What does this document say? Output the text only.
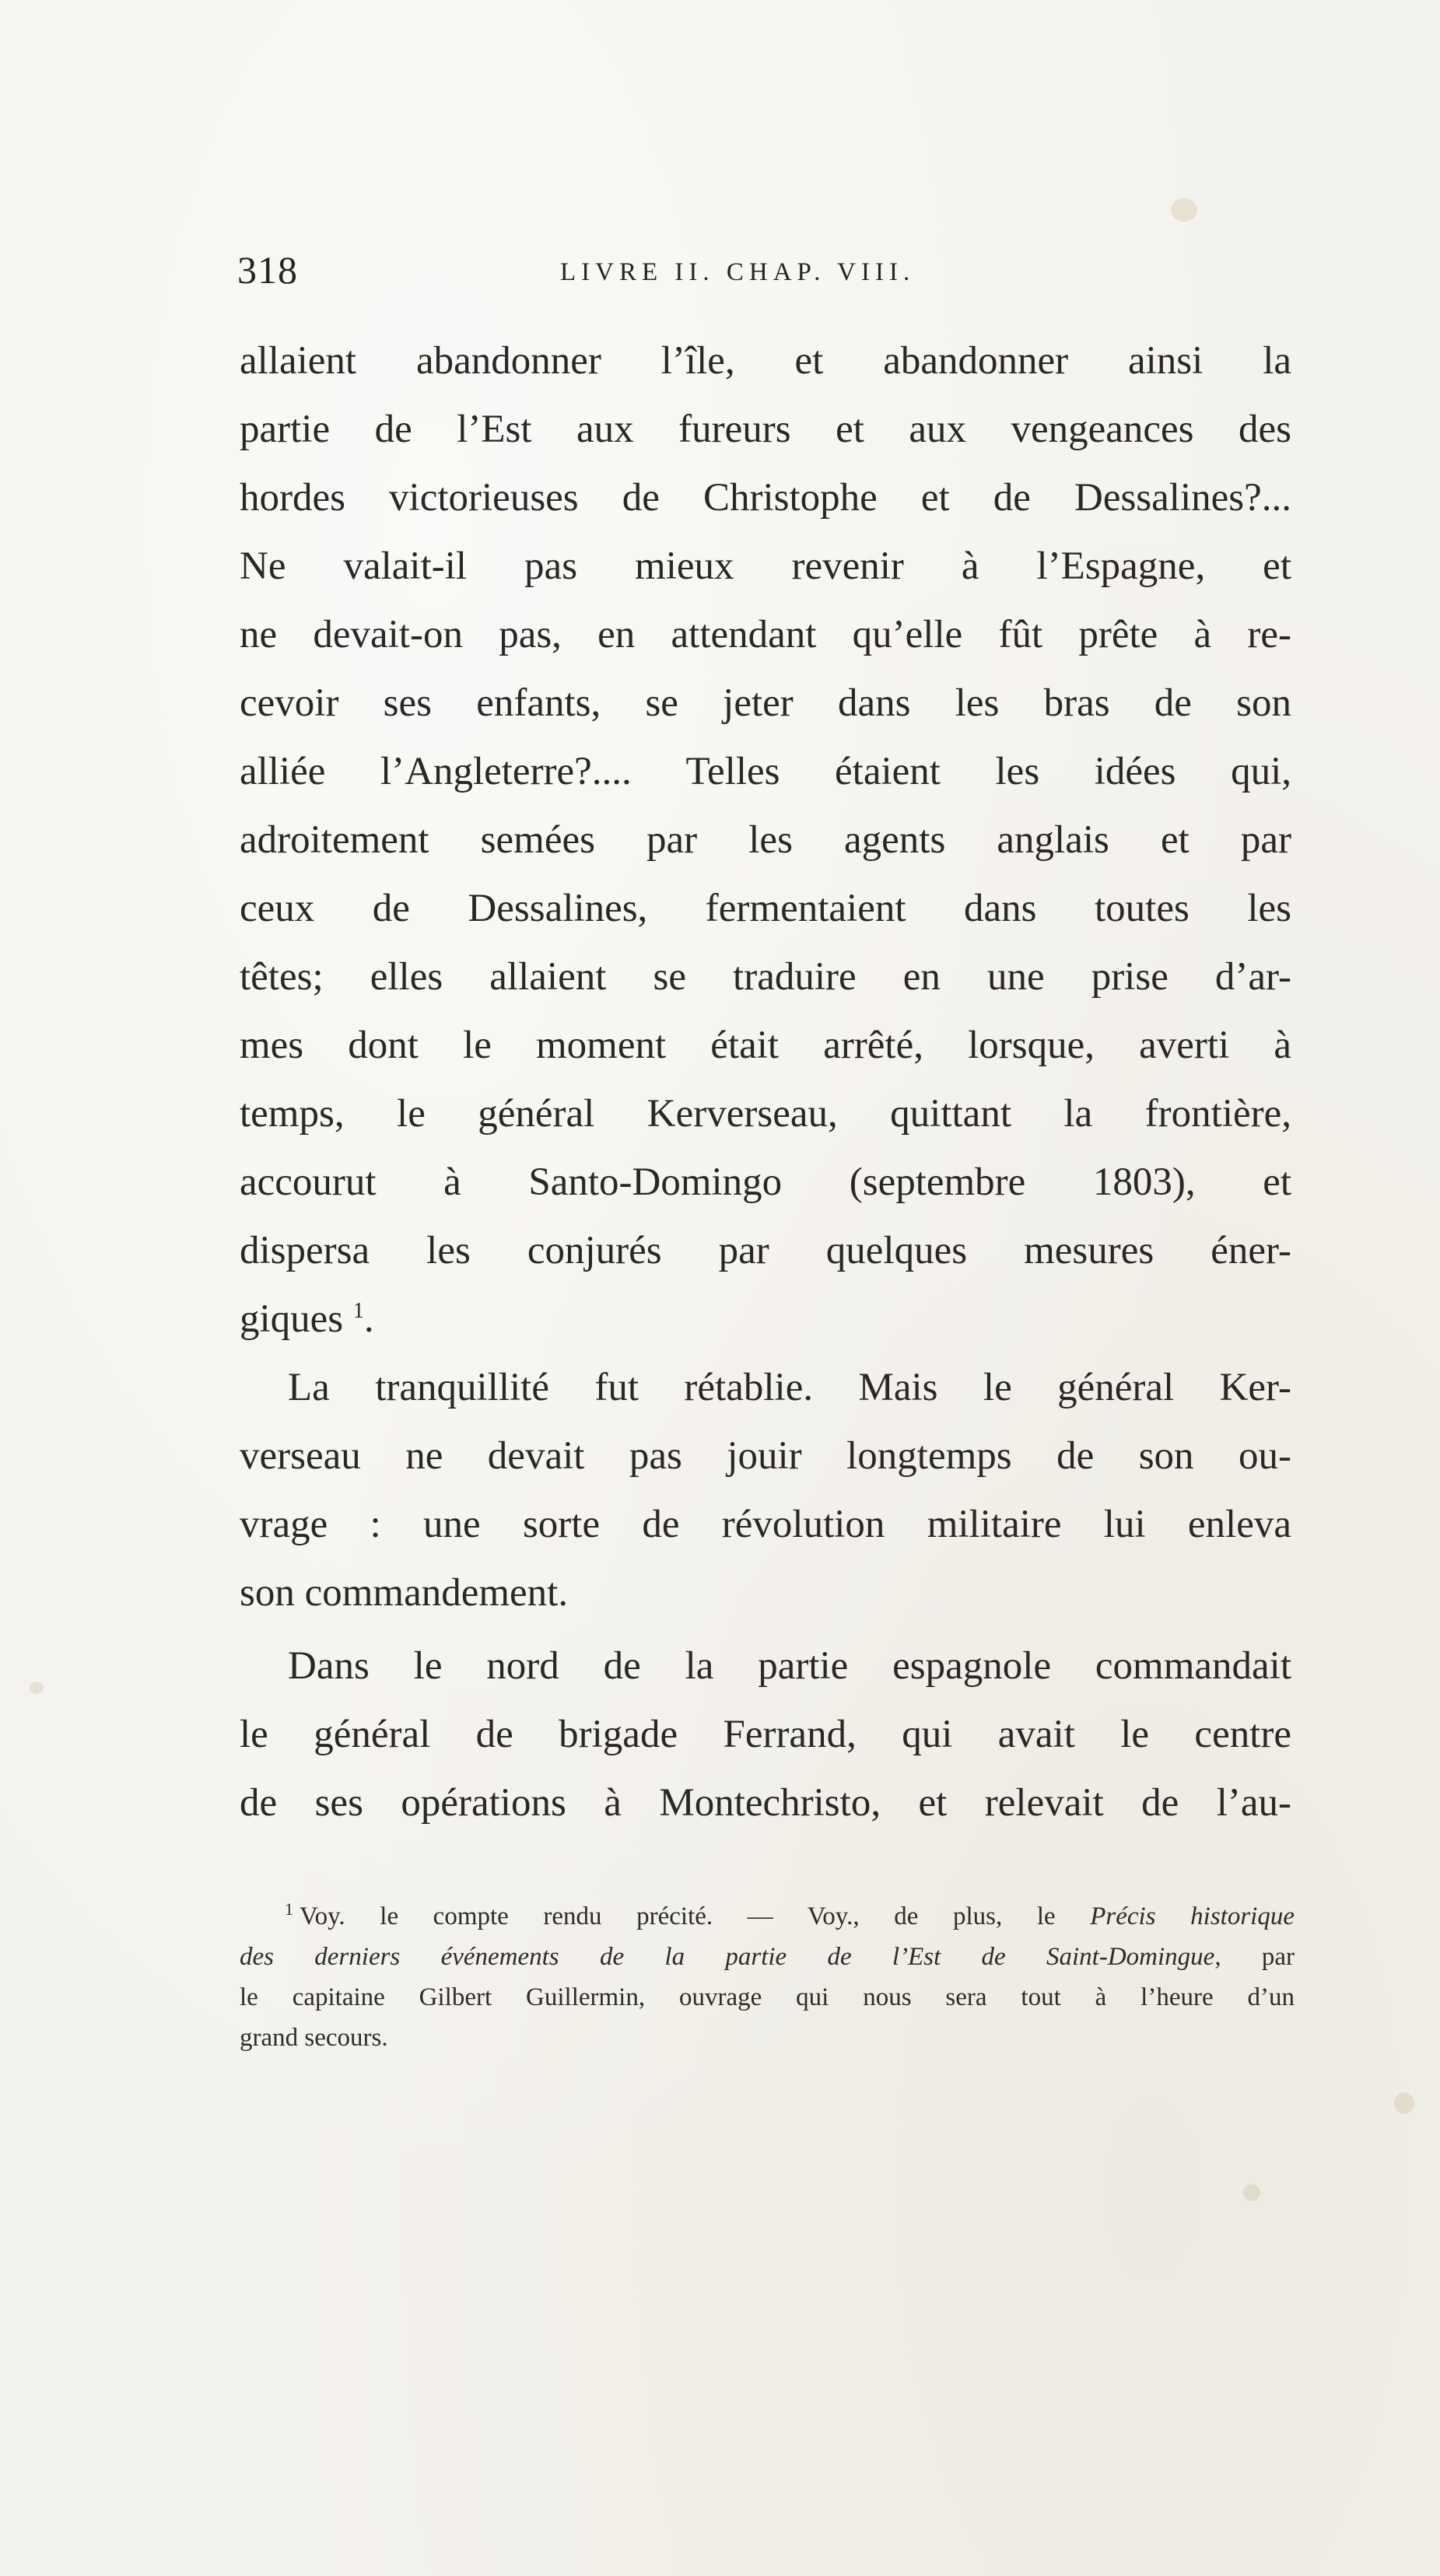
318	LIVRE II. CHAP. VIII.
allaient abandonner l’île, et abandonner ainsi la
partie de l’Est aux fureurs et aux vengeances des
hordes victorieuses de Christophe et de Dessalines?...
Ne valait-il pas mieux revenir à l’Espagne, et
ne devait-on pas, en attendant qu’elle fût prête à re-
cevoir ses enfants, se jeter dans les bras de son
alliée l’Angleterre?.... Telles étaient les idées qui,
adroitement semées par les agents anglais et par
ceux de Dessalines, fermentaient dans toutes les
têtes; elles allaient se traduire en une prise d’ar-
mes dont le moment était arrêté, lorsque, averti à
temps, le général Kerverseau, quittant la frontière,
accourut à Santo-Domingo (septembre 1803), et
dispersa les conjurés par quelques mesures éner-
giques $^1$.
La tranquillité fut rétablie. Mais le général Ker-
verseau ne devait pas jouir longtemps de son ou-
vrage : une sorte de révolution militaire lui enleva
son commandement.
Dans le nord de la partie espagnole commandait
le général de brigade Ferrand, qui avait le centre
de ses opérations à Montechristo, et relevait de l’au-
$^1$ Voy. le compte rendu précité. — Voy., de plus, le Précis historique
des derniers événements de la partie de l’Est de Saint-Domingue, par
le capitaine Gilbert Guillermin, ouvrage qui nous sera tout à l’heure d’un
grand secours.
